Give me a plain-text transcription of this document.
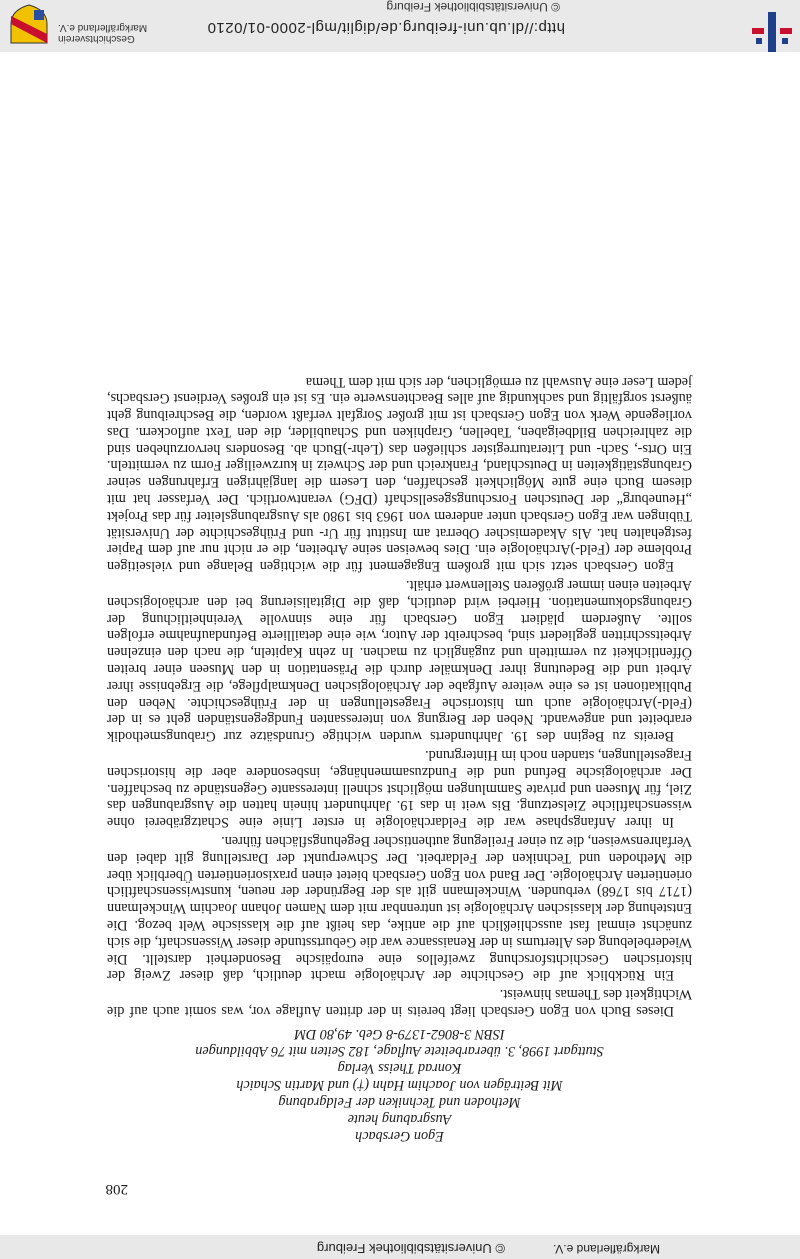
© Universitätsbibliothek Freiburg	Markgräflerland e.V.
208
Egon Gersbach
Ausgrabung heute
Methoden und Techniken der Feldgrabung
Mit Beiträgen von Joachim Hahn (†) und Martin Schaich
Konrad Theiss Verlag
Stuttgart 1998, 3. überarbeitete Auflage, 182 Seiten mit 76 Abbildungen
ISBN 3-8062-1379-8 Geb. 49,80 DM

Dieses Buch von Egon Gersbach liegt bereits in der dritten Auflage vor, was somit auch auf die Wichtigkeit des Themas hinweist.

Ein Rückblick auf die Geschichte der Archäologie macht deutlich, daß dieser Zweig der historischen Geschichtsforschung zweifellos eine europäische Besonderheit darstellt. Die Wiederbelebung des Altertums in der Renaissance war die Geburtsstunde dieser Wissenschaft, die sich zunächst einmal fast ausschließlich auf die antike, das heißt auf die klassische Welt bezog. Die Entstehung der klassischen Archäologie ist untrennbar mit dem Namen Johann Joachim Winckelmann (1717 bis 1768) verbunden. Winckelmann gilt als der Begründer der neuen, kunstwissenschaftlich orientierten Archäologie. Der Band von Egon Gersbach bietet einen praxisorientierten Überblick über die Methoden und Techniken der Feldarbeit. Der Schwerpunkt der Darstellung gilt dabei den Verfahrensweisen, die zu einer Freilegung authentischer Begehungsflächen führen.

In ihrer Anfangsphase war die Feldarchäologie in erster Linie eine Schatzgräberei ohne wissenschaftliche Zielsetzung. Bis weit in das 19. Jahrhundert hinein hatten die Ausgrabungen das Ziel, für Museen und private Sammlungen möglichst schnell interessante Gegenstände zu beschaffen. Der archäologische Befund und die Fundzusammenhänge, insbesondere aber die historischen Fragestellungen, standen noch im Hintergrund.

Bereits zu Beginn des 19. Jahrhunderts wurden wichtige Grundsätze zur Grabungsmethodik erarbeitet und angewandt. Neben der Bergung von interessanten Fundgegenständen geht es in der (Feld-)Archäologie auch um historische Fragestellungen in der Frühgeschichte. Neben den Publikationen ist es eine weitere Aufgabe der Archäologischen Denkmalpflege, die Ergebnisse ihrer Arbeit und die Bedeutung ihrer Denkmäler durch die Präsentation in den Museen einer breiten Öffentlichkeit zu vermitteln und zugänglich zu machen. In zehn Kapiteln, die nach den einzelnen Arbeitsschritten gegliedert sind, beschreibt der Autor, wie eine detaillierte Befundaufnahme erfolgen sollte. Außerdem plädiert Egon Gersbach für eine sinnvolle Vereinheitlichung der Grabungsdokumentation. Hierbei wird deutlich, daß die Digitalisierung bei den archäologischen Arbeiten einen immer größeren Stellenwert erhält.

Egon Gersbach setzt sich mit großem Engagement für die wichtigen Belange und vielseitigen Probleme der (Feld-)Archäologie ein. Dies beweisen seine Arbeiten, die er nicht nur auf dem Papier festgehalten hat. Als Akademischer Oberrat am Institut für Ur- und Frühgeschichte der Universität Tübingen war Egon Gersbach unter anderem von 1963 bis 1980 als Ausgrabungsleiter für das Projekt „Heuneburg“ der Deutschen Forschungsgesellschaft (DFG) verantwortlich. Der Verfasser hat mit diesem Buch eine gute Möglichkeit geschaffen, den Lesern die langjährigen Erfahrungen seiner Grabungstätigkeiten in Deutschland, Frankreich und der Schweiz in kurzweiliger Form zu vermitteln. Ein Orts-, Sach- und Literaturregister schließen das (Lehr-)Buch ab. Besonders hervorzuheben sind die zahlreichen Bildbeigaben, Tabellen, Graphiken und Schaubilder, die den Text auflockern. Das vorliegende Werk von Egon Gersbach ist mit großer Sorgfalt verfaßt worden, die Beschreibung geht äußerst sorgfältig und sachkundig auf alles Beachtenswerte ein. Es ist ein großes Verdienst Gersbachs, jedem Leser eine Auswahl zu ermöglichen, der sich mit dem Thema

http://dl.ub.uni-freiburg.de/diglit/mgl-2000-01/0210
© Universitätsbibliothek Freiburg
Geschichtsverein
Markgräflerland e.V.
